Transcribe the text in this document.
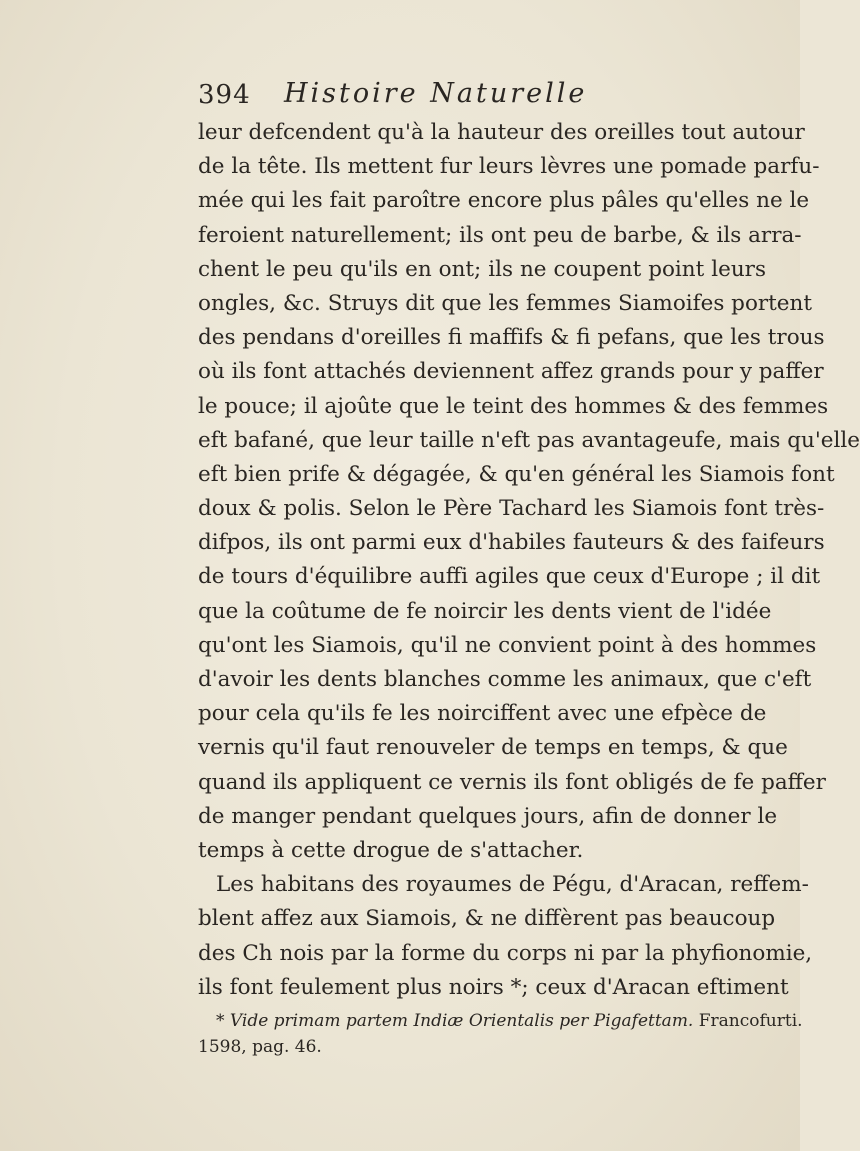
394 Histoire Naturelle
leur defcendent qu'à la hauteur des oreilles tout autour
de la tête. Ils mettent fur leurs lèvres une pomade parfu-
mée qui les fait paroître encore plus pâles qu'elles ne le
feroient naturellement; ils ont peu de barbe, & ils arra-
chent le peu qu'ils en ont; ils ne coupent point leurs
ongles, &c. Struys dit que les femmes Siamoifes portent
des pendans d'oreilles fi maffifs & fi pefans, que les trous
où ils font attachés deviennent affez grands pour y paffer
le pouce; il ajoûte que le teint des hommes & des femmes
eft bafané, que leur taille n'eft pas avantageufe, mais qu'elle
eft bien prife & dégagée, & qu'en général les Siamois font
doux & polis. Selon le Père Tachard les Siamois font très-
difpos, ils ont parmi eux d'habiles fauteurs & des faifeurs
de tours d'équilibre auffi agiles que ceux d'Europe ; il dit
que la coûtume de fe noircir les dents vient de l'idée
qu'ont les Siamois, qu'il ne convient point à des hommes
d'avoir les dents blanches comme les animaux, que c'eft
pour cela qu'ils fe les noirciffent avec une efpèce de
vernis qu'il faut renouveler de temps en temps, & que
quand ils appliquent ce vernis ils font obligés de fe paffer
de manger pendant quelques jours, afin de donner le
temps à cette drogue de s'attacher.
Les habitans des royaumes de Pégu, d'Aracan, reffem-
blent affez aux Siamois, & ne diffèrent pas beaucoup
des Ch nois par la forme du corps ni par la phyfionomie,
ils font feulement plus noirs *; ceux d'Aracan eftiment
* Vide primam partem Indiæ Orientalis per Pigafettam. Francofurti.
1598, pag. 46.
